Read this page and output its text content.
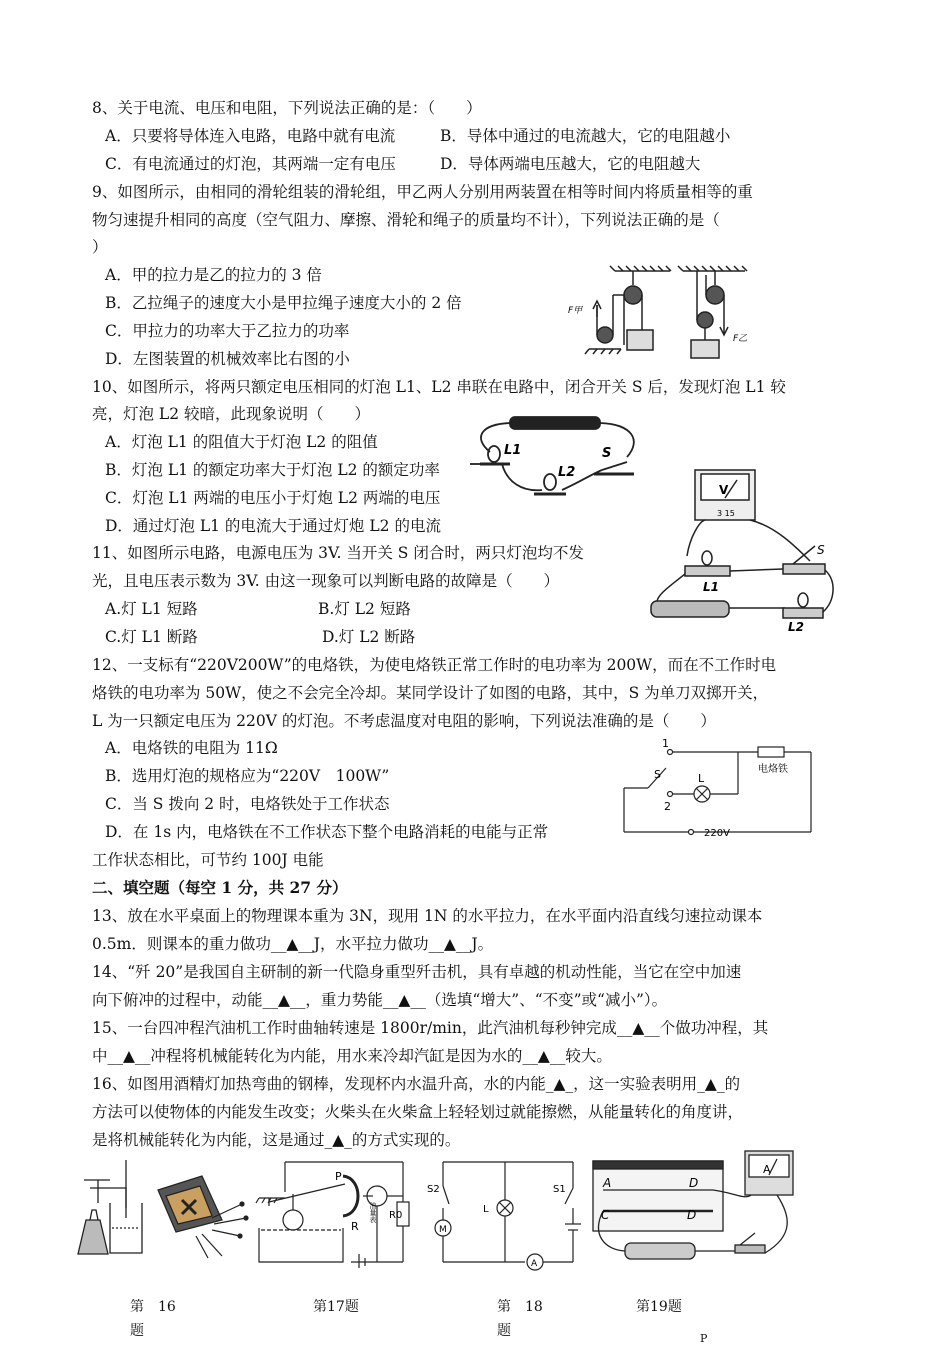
8、关于电流、电压和电阻，下列说法正确的是：（　　）
A．只要将导体连入电路，电路中就有电流	B．导体中通过的电流越大，它的电阻越小
C．有电流通过的灯泡，其两端一定有电压	D．导体两端电压越大，它的电阻越大
9、如图所示，由相同的滑轮组装的滑轮组，甲乙两人分别用两装置在相等时间内将质量相等的重
物匀速提升相同的高度（空气阻力、摩擦、滑轮和绳子的质量均不计），下列说法正确的是（
）
A．甲的拉力是乙的拉力的 3 倍
B．乙拉绳子的速度大小是甲拉绳子速度大小的 2 倍
C．甲拉力的功率大于乙拉力的功率
D．左图装置的机械效率比右图的小
F甲
F乙
10、如图所示，将两只额定电压相同的灯泡 L1、L2 串联在电路中，闭合开关 S 后，发现灯泡 L1 较
亮，灯泡 L2 较暗，此现象说明（　　）
A．灯泡 L1 的阻值大于灯泡 L2 的阻值
B．灯泡 L1 的额定功率大于灯泡 L2 的额定功率
C．灯泡 L1 两端的电压小于灯炮 L2 两端的电压
D．通过灯泡 L1 的电流大于通过灯炮 L2 的电流
L1
L2
S
11、如图所示电路，电源电压为 3V. 当开关 S 闭合时，两只灯泡均不发
光，且电压表示数为 3V. 由这一现象可以判断电路的故障是（　　）
A.灯 L1 短路	B.灯 L2 短路
C.灯 L1 断路	D.灯 L2 断路
V
3 15
L1
L2
S
12、一支标有“220V200W”的电烙铁，为使电烙铁正常工作时的电功率为 200W，而在不工作时电
烙铁的电功率为 50W，使之不会完全冷却。某同学设计了如图的电路，其中，S 为单刀双掷开关，
L 为一只额定电压为 220V 的灯泡。不考虑温度对电阻的影响，下列说法准确的是（　　）
A．电烙铁的电阻为 11Ω
B．选用灯泡的规格应为“220V　100W”
C．当 S 拨向 2 时，电烙铁处于工作状态
D．在 1s 内，电烙铁在不工作状态下整个电路消耗的电能与正常
工作状态相比，可节约 100J 电能
1
2
S	L
电烙铁
220V
二、填空题（每空 1 分，共 27 分）
13、放在水平桌面上的物理课本重为 3N，现用 1N 的水平拉力，在水平面内沿直线匀速拉动课本
0.5m．则课本的重力做功__▲__J，水平拉力做功__▲__J。
14、“歼 20”是我国自主研制的新一代隐身重型歼击机，具有卓越的机动性能，当它在空中加速
向下俯冲的过程中，动能__▲__，重力势能__▲__（选填“增大”、“不变”或“减小”）。
15、一台四冲程汽油机工作时曲轴转速是 1800r/min，此汽油机每秒钟完成__▲__个做功冲程，其
中__▲__冲程将机械能转化为内能，用水来冷却汽缸是因为水的__▲__较大。
16、如图用酒精灯加热弯曲的钢棒，发现杯内水温升高，水的内能_▲_，这一实验表明用_▲_的
方法可以使物体的内能发生改变；火柴头在火柴盒上轻轻划过就能擦燃，从能量转化的角度讲，
是将机械能转化为内能，这是通过_▲_的方式实现的。
P
R
R0
油量表
S2	S1
L
M
A
A	D
C	D
A
第　16
题
第17题	第　18
题
第19题
P
